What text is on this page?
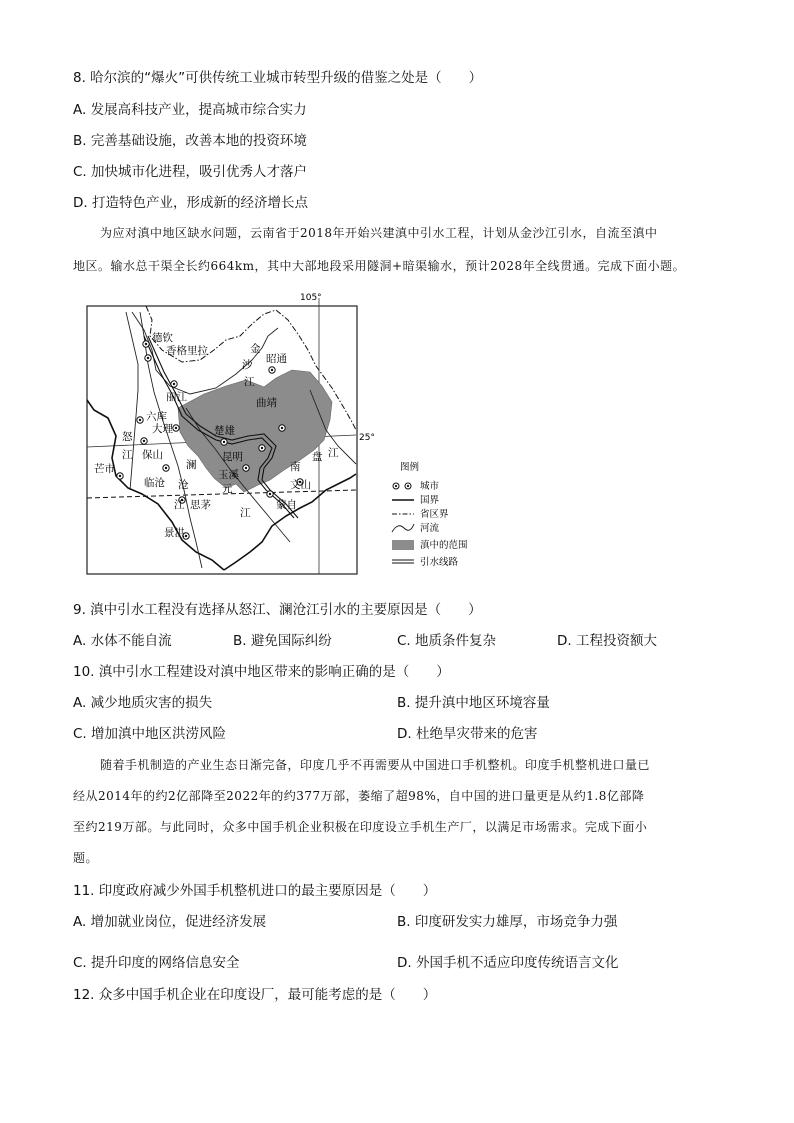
8. 哈尔滨的“爆火”可供传统工业城市转型升级的借鉴之处是（　　）
A. 发展高科技产业，提高城市综合实力
B. 完善基础设施，改善本地的投资环境
C. 加快城市化进程，吸引优秀人才落户
D. 打造特色产业，形成新的经济增长点
为应对滇中地区缺水问题，云南省于2018年开始兴建滇中引水工程，计划从金沙江引水，自流至滇中
地区。输水总干渠全长约664km，其中大部地段采用隧洞+暗渠输水，预计2028年全线贯通。完成下面小题。
105°
25°
德钦
香格里拉
丽江
六库
大理
保山
芒市
临沧
楚雄
昆明
玉溪
曲靖
昭通
思茅
景洪
蒙自
文山
金
沙
江
怒
江
澜
沧
江
元
江
南
盘 江
图例
城市
国界
省区界
河流
滇中的范围
引水线路
9. 滇中引水工程没有选择从怒江、澜沧江引水的主要原因是（　　）
A. 水体不能自流	B. 避免国际纠纷	C. 地质条件复杂	D. 工程投资额大
10. 滇中引水工程建设对滇中地区带来的影响正确的是（　　）
A. 减少地质灾害的损失	B. 提升滇中地区环境容量
C. 增加滇中地区洪涝风险	D. 杜绝旱灾带来的危害
随着手机制造的产业生态日渐完备，印度几乎不再需要从中国进口手机整机。印度手机整机进口量已
经从2014年的约2亿部降至2022年的约377万部，萎缩了超98%，自中国的进口量更是从约1.8亿部降
至约219万部。与此同时，众多中国手机企业积极在印度设立手机生产厂，以满足市场需求。完成下面小
题。
11. 印度政府减少外国手机整机进口的最主要原因是（　　）
A. 增加就业岗位，促进经济发展	B. 印度研发实力雄厚，市场竞争力强
C. 提升印度的网络信息安全	D. 外国手机不适应印度传统语言文化
12. 众多中国手机企业在印度设厂，最可能考虑的是（　　）
